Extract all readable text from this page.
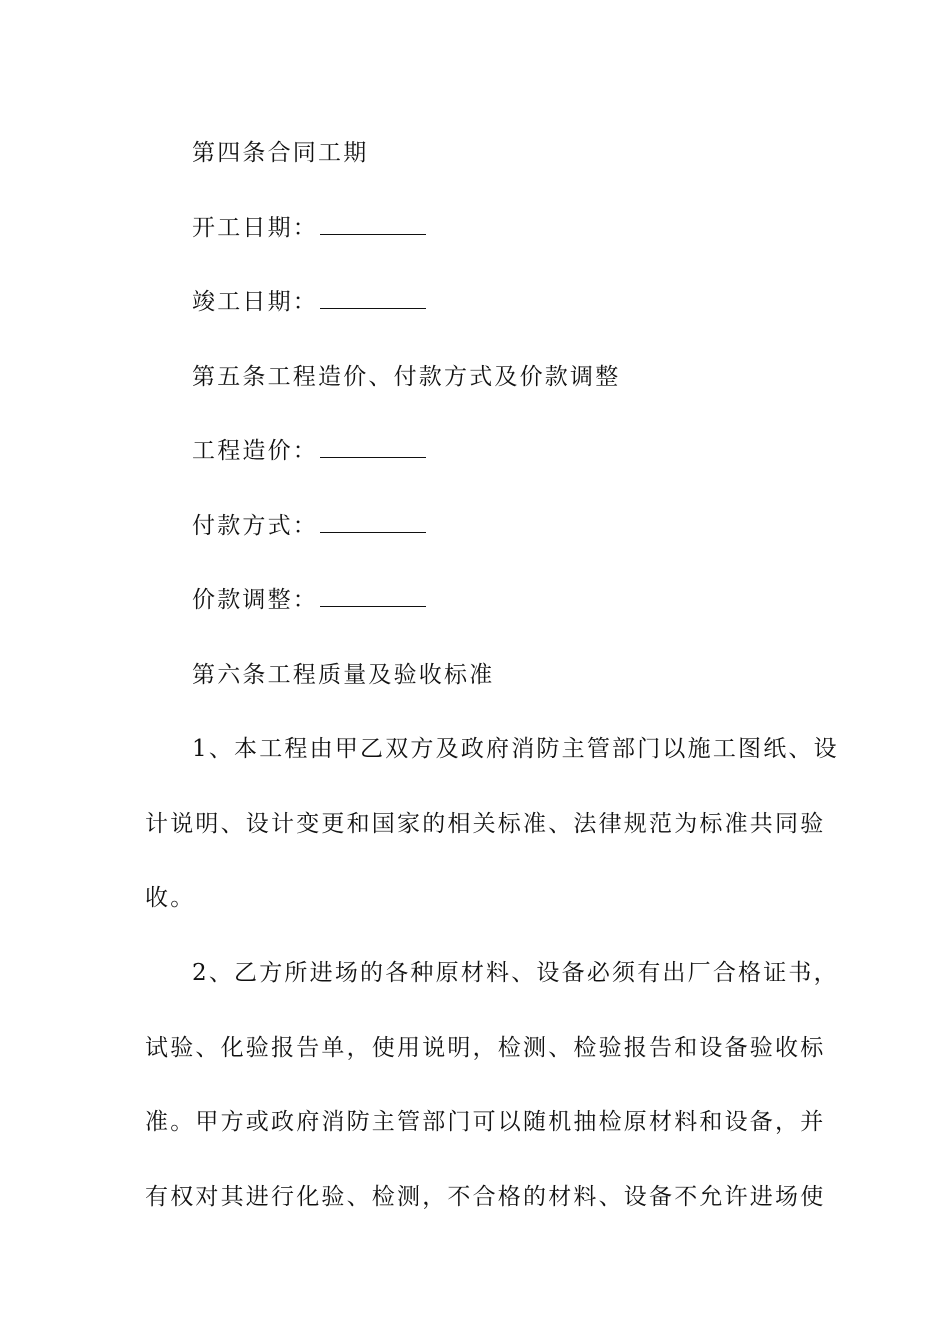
第四条合同工期
开工日期：
竣工日期：
第五条工程造价、付款方式及价款调整
工程造价：
付款方式：
价款调整：
第六条工程质量及验收标准
1、本工程由甲乙双方及政府消防主管部门以施工图纸、设
计说明、设计变更和国家的相关标准、法律规范为标准共同验
收。
2、乙方所进场的各种原材料、设备必须有出厂合格证书，
试验、化验报告单，使用说明，检测、检验报告和设备验收标
准。甲方或政府消防主管部门可以随机抽检原材料和设备，并
有权对其进行化验、检测，不合格的材料、设备不允许进场使
